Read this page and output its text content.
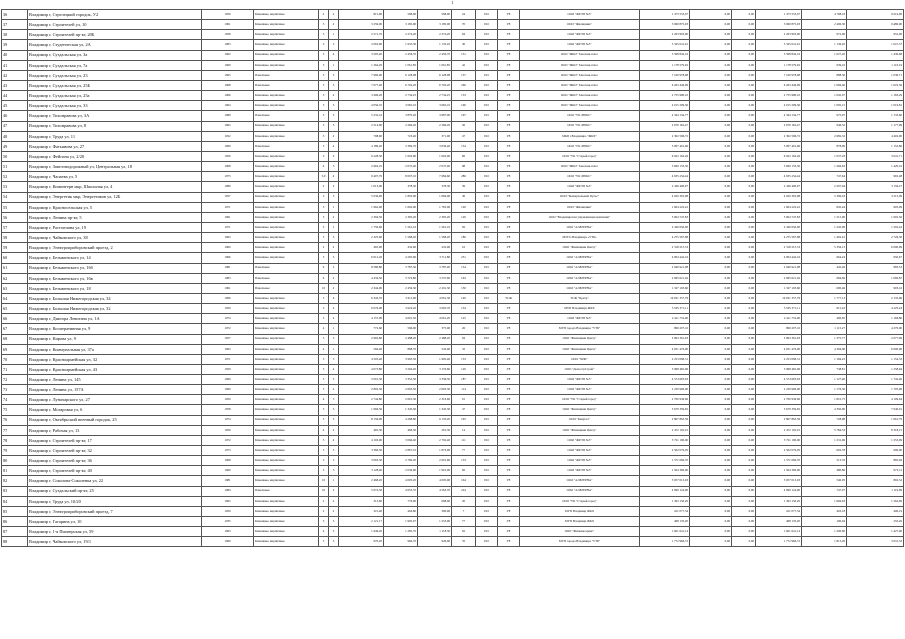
1
36	Владимир г, Стрелецкий городок, У2	1959	Каменные, кирпичные	2	2	815,00	598,00	598,00	24	ПО	УЕ	ООО "ЖРЭП №3"	1 473 553,07	0,00	0,00	1 473 553,07	4 708,18	0,516,00
37	Владимир г, Строителей ул, 10	1961	Каменные, кирпичные	5	2	3 259,00	3 185,00	3 185,00	70	ПО	УЕ	ООО "Жилищник"	3 060 875,03	0,00	0,00	3 060 875,03	2 406,30	0,480,00
38	Владимир г, Строителей пр-кт, 20Б	1958	Каменные, кирпичные	3	1	2 571,70	2 274,20	2 274,20	64	ПО	УЕ	ООО "ЖРЭП №3"	2 203 903,00	0,00	0,00	2 203 903,00	972,00	952,00
39	Владимир г, Студенческая ул, 2А	1983	Каменные, кирпичные	3	3	2 063,90	1 935,30	1 135,45	30	ПО	УЕ	ООО "ЖРЭП №3"	3 345 041,91	0,00	0,00	3 345 041,91	1 136,20	1 021,37
40	Владимир г, Суздальская ул, 3а	1962	Каменные, кирпичные	5	4	3 505,40	2 456,70	2 456,70	131	ПО	УЕ	ООО "ЖКО" Заказчик-плюс	3 598 842,16	0,00	0,00	3 598 842,16	1 027,20	1 430,68
41	Владимир г, Суздальская ул, 7а	1960	Каменные, кирпичные	5	1	1 264,20	1 061,85	1 061,85	42	ПО	УЕ	ООО "ЖКО" Заказчик-плюс	1 178 579,02	0,00	0,00	1 178 579,02	939,10	1 110,19
42	Владимир г, Суздальская ул, 23	1965	Панельные	5	5	7 960,90	6 128,98	6 128,98	157	ПО	УЕ	ООО "ЖКО" Заказчик-плюс	7 100 978,98	0,00	0,00	7 100 978,98	888,36	1 030,71
43	Владимир г, Суздальская ул, 25Б	1968	Панельные	5	5	7 077,40	6 702,20	6 702,20	260	ПО	УЕ	ООО "ЖКО" Заказчик-плюс	6 263 446,09	0,00	0,00	6 263 446,09	1 066,40	1 022,36
44	Владимир г, Суздальская ул, 25а	1966	Каменные, кирпичные	5	4	3 406,20	2 734,25	2 734,25	133	ПО	УЕ	ООО "ЖКО" Заказчик-плюс	2 755 980,10	0,00	0,00	2 755 980,10	1 045,07	1 183,29
45	Владимир г, Суздальская ул, 33	1964	Каменные, кирпичные	5	3	4 050,10	3 665,10	3 665,10	196	ПО	УЕ	ООО "ЖКО" Заказчик-плюс	4 015 209,36	0,00	0,00	4 015 209,36	1 095,15	1 019,81
46	Владимир г, Тихонравова ул, 3А	1980	Панельные	5	5	5 232,10	3 870,20	3 687,00	197	ПО	УЕ	ООО "УК ЛЮКС"	4 344 134,77	0,00	0,00	4 344 134,77	975,97	1 133,60
47	Владимир г, Тихонравова ул, 8	1965	Каменные, кирпичные	5	3	2 514,00	2 266,20	2 266,20	56	ПО	УЕ	ООО "УК ЛЮКС"	2 670 162,47	0,00	0,00	2 670 162,47	946,32	1 177,99
48	Владимир г, Труда ул, 11	1952	Каменные, кирпичные	3	2	798,00	723,40	371,00	47	ПО	УЕ	МКП г.Владимира "ЖКХ"	2 302 596,72	0,00	0,00	2 302 596,72	2 682,32	4 402,90
49	Владимир г, Фатьянова ул, 27	1969	Панельные	5	4	4 180,20	3 369,70	3 636,40	134	ПО	УЕ	ООО "УК ЛЮКС"	3 007 401,96	0,00	0,00	3 007 401,96	878,00	1 152,86
50	Владимир г, Фейгина ул, 2/20	1956	Каменные, кирпичные	3	2	6 228,30	1 602,90	1 602,90	66	ПО	УЕ	ООО "УК "Старый город"	6 022 162,26	0,00	0,00	6 022 162,26	1 037,18	3 041,71
51	Владимир г, Завелзнодорожный ул, Центральная ул, 18	1968	Каменные, кирпичные	4	3	2 962,10	2 037,40	2 037,40	98	ПО	УЕ	ООО "ЖКО" Заказчик-плюс	3 660 155,30	0,00	0,00	3 660 155,30	1 266,63	1 420,10
52	Владимир г, Чапаева ул, 5	1975	Каменные, кирпичные	5,9	4	9 407,70	8 097,10	7 684,60	286	ПО	УЕ	ООО "УК ЛЮКС"	4 935 234,44	0,00	0,00	4 935 234,44	747,64	965,48
53	Владимир г, Коминтерн мкр, Школьная ул, 4	1980	Каменные, кирпичные	2	2	1 013,00	378,30	378,30	39	ПО	УЕ	ООО "ЖРЭП №3"	2 346 490,07	0,00	0,00	2 346 490,07	2 207,04	3 156,27
54	Владимир г, Энергетик мкр, Энергетиков ул, 12Б	1957	Каменные, кирпичные	3	3	5 036,00	1 803,00	1 684,00	36	ПО	УЕ	ООО "Коммунальный Пульс"	4 020 303,08	0,00	0,00	4 020 303,08	5 396,18	3 215,09
55	Владимир г, Красносельская ул, 5	1971	Каменные, кирпичные	5	1	1 962,00	1 602,00	1 765,00	120	ПО	УЕ	ООО "Жилищник"	1 604 222,22	0,00	0,00	1 604 222,22	845,44	905,99
56	Владимир г, Ленина пр-кт, 5	1961	Каменные, кирпичные	5	2	2 394,50	2 305,20	2 305,20	120	ПО	УЕ	ООО "Владимирская управляющая компания"	3 004 747,83	0,00	0,00	3 004 747,83	1 515,00	1 602,56
57	Владимир г, Растопчина ул, 19	1971	Каменные, кирпичные	3	1	1 759,60	1 561,10	1 561,10	92	ПО	УЕ	ООО "АЛЬТЕРНА"	2 340 650,00	0,00	0,00	2 340 650,00	1 245,09	1 502,42
58	Владимир г, Чайковского ул, 38	1963	Каменные, кирпичные	5	3	2 325,60	1 568,20	1 568,20	180	ПО	УЕ	МУП г.Владимира «УТБ»	4 275 567,98	0,00	0,00	4 275 567,98	1 402,91	2 726,30
59	Владимир г, Электроприборовский проезд, 2	1960	Каменные, кирпичные	2	2	465,90	432,90	432,90	16	ПО	УЕ	ООО "Жилищник Центр"	2 318 215,33	0,00	0,00	2 318 215,33	5 356,13	6 090,99
60	Владимир г, Безыменского ул, 14	1966	Каменные, кирпичные	5	3	6 012,20	4 295,60	3 711,80	251	ПО	УЕ	ООО "АЛЬТЕРНА"	4 004 442,16	0,00	0,00	4 004 442,16	664,24	950,67
61	Владимир г, Безыменского ул, 16б	1981	Панельные	9	2	8 580,80	3 787,30	3 787,40	154	ПО	УЕ	ООО "АЛЬТЕРНА"	2 940 921,08	0,00	0,00	2 940 921,08	445,49	983,53
62	Владимир г, Безыменского ул, 16в	1983	Панельные	9	2	4 434,50	3 719,80	3 237,60	163	ПО	УЕ	ООО "АЛЬТЕРНА"	2 965 621,02	0,00	0,00	2 965 621,02	684,69	1 060,87
63	Владимир г, Безыменского ул, 18	1961	Панельные	10	2	2 344,90	2 459,30	2 201,30	150	ПО	УЕ	ООО "АЛЬТЕРНА"	1 327 103,60	0,00	0,00	1 327 103,60	600,46	903,16
64	Владимир г, Большая Нижегородская ул, 34	1996	Каменные, кирпичные	5	6	6 343,70	3 611,00	4 091,30	140	ПО	ТСЖ	ТСЖ "Центр"	10 021 357,79	0,00	0,00	10 021 357,79	1 777,13	2 135,96
65	Владимир г, Большая Нижегородская ул, 32	1959	Каменные, кирпичные	3	4	6 076,00	3 622,20	3 693,70	134	ПО	УЕ	МУП Владимира ЖКХ	5 505 371,11	0,00	0,00	5 505 371,11	915,43	4 225,43
66	Владимир г, Диктора Левитана ул, 1А	1974	Каменные, кирпичные	5	4	4 157,00	4 001,50	4 001,20	125	ПО	УЕ	ООО "ЖРЭП №3"	2 411 752,90	0,00	0,00	2 411 752,90	400,65	1 166,80
67	Владимир г, Кооперативная ул, 9	1972	Каменные, кирпичные	4	1	772,60	596,00	375,00	26	ПО	УЕ	МУП города Владимира "УТБ"	869 207,10	0,00	0,00	869 207,10	1 115,27	4 270,00
68	Владимир г, Кирова ул, 9	1957	Каменные, кирпичные	3	3	2 962,80	2 488,20	2 488,20	94	ПО	УЕ	ООО "Жилищник Центр"	3 993 391,93	0,00	0,00	3 993 391,93	1 375,77	2 077,99
69	Владимир г, Коммунальная ул, 37а	1963	Каменные, кирпичные	4	1	566,40	868,70	543,00	32	ПО	УЕ	ООО "Жилищник Центр"	4 651 476,00	0,00	0,00	4 651 476,00	4 394,00	6 090,00
70	Владимир г, Красноармейская ул, 32	1971	Каменные, кирпичные	3	3	4 503,40	3 905,50	1 905,40	133	ПО	УЕ	ООО "ХПК"	2 253 096,31	0,00	0,00	2 253 096,31	1 184,22	1 154,33
71	Владимир г, Красноармейская ул, 43	1959	Каменные, кирпичные	3	4	4 073,80	3 204,20	3 176,60	120	ПО	УЕ	ООО "ДомострСтрой"	3 998 465,06	0,00	0,00	3 998 465,06	738,81	1 258,94
72	Владимир г, Ленина ул, 145	1969	Каменные, кирпичные	5	3	5 001,30	3 352,50	3 336,50	187	ПО	УЕ	ООО "ЖРЭП №3"	4 574 603,03	0,00	0,00	4 574 603,03	1 127,40	1 742,40
73	Владимир г, Ленина ул, 157А	1969	Каменные, кирпичные	5	2	2 802,30	2 603,50	2 603,30	114	ПО	УЕ	ООО "ЖРЭП №3"	2 220 900,00	0,00	0,00	2 220 900,00	1 176,30	1 705,06
74	Владимир г, Луначарского ул, 27	1959	Каменные, кирпичные	4	3	2 744,80	2 601,30	2 316,60	91	ПО	УЕ	ООО "УК "Старый город"	2 700 936,06	0,00	0,00	2 700 936,06	1 810,75	4 109,94
75	Владимир г, Мозаровая ул, 6	1958	Каменные, кирпичные	3	3	1 966,30	1 345,30	1 345,30	47	ПО	УЕ	ООО "Жилищник Центр"	3 679 359,65	0,00	0,00	3 679 359,65	4 350,00	7 040,01
76	Владимир г, Октябрьский военный городок, 25	1974	Каменные, кирпичные	5	5	8 156,00	4 298,80	9 135,20	165	ПО	УЕ	ООО "Квартал"	2 807 863,39	0,00	0,00	2 807 863,39	728,98	1 661,79
77	Владимир г, Рабочая ул, 13	1959	Каменные, кирпичные	4	2	465,30	466,30	201,30	14	ПО	УЕ	ООО "Жилищник Центр"	2 472 102,01	0,00	0,00	2 472 102,01	5 784,33	8 318,15
78	Владимир г, Строителей пр-кт, 17	1972	Каменные, кирпичные	5	4	4 193,00	3 066,40	2 792,40	111	ПО	УЕ	ООО "ЖРЭП №3"	3 721 190,00	0,00	0,00	3 721 190,00	1 231,96	1 253,99
79	Владимир г, Строителей пр-кт, 32	1973	Каменные, кирпичные	5	3	3 366,30	2 867,10	1 873,00	77	ПО	УЕ	ООО "ЖРЭП №3"	2 502 076,05	0,00	0,00	2 502 076,05	602,78	900,00
80	Владимир г, Строителей пр-кт, 36	1968	Каменные, кирпичные	5	3	3 063,50	2 790,20	2 601,60	133	ПО	УЕ	ООО "ЖРЭП №3"	1 571 066,70	0,00	0,00	1 571 066,70	513,76	883,49
81	Владимир г, Строителей пр-кт, 40	1960	Каменные, кирпичные	5	3	3 128,40	2 036,00	1 901,00	82	ПО	УЕ	ООО "ЖРЭП №3"	1 504 300,00	0,00	0,00	1 504 300,00	480,86	973,12
82	Владимир г, Соколова-Соколенка ул, 22	1981	Каменные, кирпичные	10	1	2 468,20	4 005,20	4 005,00	164	ПО	УЕ	ООО "АЛЬТЕРНА"	3 057 013,03	0,00	0,00	3 057 013,03	540,95	802,52
83	Владимир г, Суздальский пр-кт, 25	1984	Панельные	10	2	5 674,30	4 655,70	4 563,70	224	ПО	УЕ	ООО "АЛЬТЕРНА"	4 090 124,00	0,00	0,00	4 090 124,00	747,07	1 119,99
84	Владимир г, Труда ул, 10/20	1965	Каменные, кирпичные	2	2	313,60	776,90	608,00	20	ПО	УЕ	ООО "УК "Старый город"	1 393 150,20	0,00	0,00	1 393 150,20	1 666,93	1 562,99
85	Владимир г, Электроприборовский проезд, 7	1959	Каменные, кирпичные	2	2	321,40	404,80	300,90	7	ПО	УЕ	МУП Владимир ЖКХ	221 077,34	0,00	0,00	221 077,34	403,18	490,19
86	Владимир г, Гагарина ул, 10	1935	Каменные, кирпичные	3	3	2 121,17	1 905,07	1 253,00	77	ПО	УЕ	МУП Владимир ЖКХ	408 135,20	0,00	0,00	408 135,20	190,04	255,26
87	Владимир г, 1-я Пионерская ул, 59	1963	Каменные, кирпичные	4	3	1 946,20	1 285,70	1 118,30	62	ПО	УЕ	ООО "Жилкомсервис"	1 601 641,14	0,00	0,00	1 601 641,14	1 200,60	1 427,00
88	Владимир г, Чайковского ул, 19/1	1960	Каменные, кирпичные	3	3	970,20	966,70	926,00	35	ПО	УЕ	МУП города Владимира "УТБ"	1 772 966,72	0,00	0,00	1 772 966,72	1 813,20	3 631,33
